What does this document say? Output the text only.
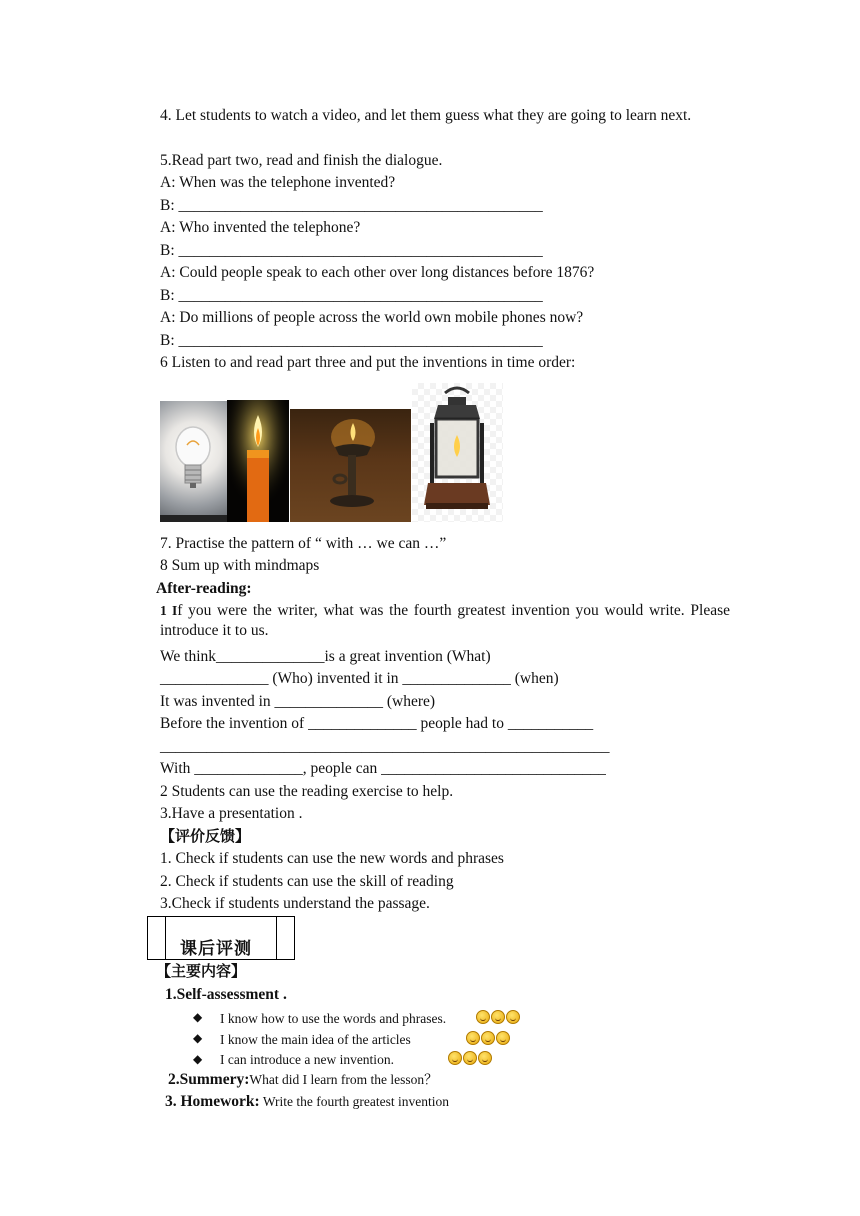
4. Let students to watch a video, and let them guess what they are going to learn next.
5.Read part two, read and finish the dialogue.
A: When was the telephone invented?
B: _______________________________________________
A: Who invented the telephone?
B: _______________________________________________
A: Could people speak to each other over long distances before 1876?
B: _______________________________________________
A: Do millions of people across the world own mobile phones now?
B: _______________________________________________
6 Listen to and read part three and put the inventions in time order:
7. Practise the pattern of “ with … we can …”
8 Sum up with mindmaps
After-reading:
1 If you were the writer, what was the fourth greatest invention you would write. Please introduce it to us.
We think______________is a great invention (What)
______________ (Who) invented it in ______________ (when)
It was invented in ______________ (where)
Before the invention of ______________ people had to ___________
__________________________________________________________
With ______________, people can _____________________________
2 Students can use the reading exercise to help.
3.Have a presentation .
【评价反馈】
1. Check if students can use the new words and phrases
2. Check if students can use the skill of reading
3.Check if students understand the passage.
课后评测
【主要内容】
1.Self-assessment .
◆ I know how to use the words and phrases.
◆ I know the main idea of the articles
◆ I can introduce a new invention.
2.Summery:What did I learn from the lesson？
3. Homework: Write the fourth greatest invention
